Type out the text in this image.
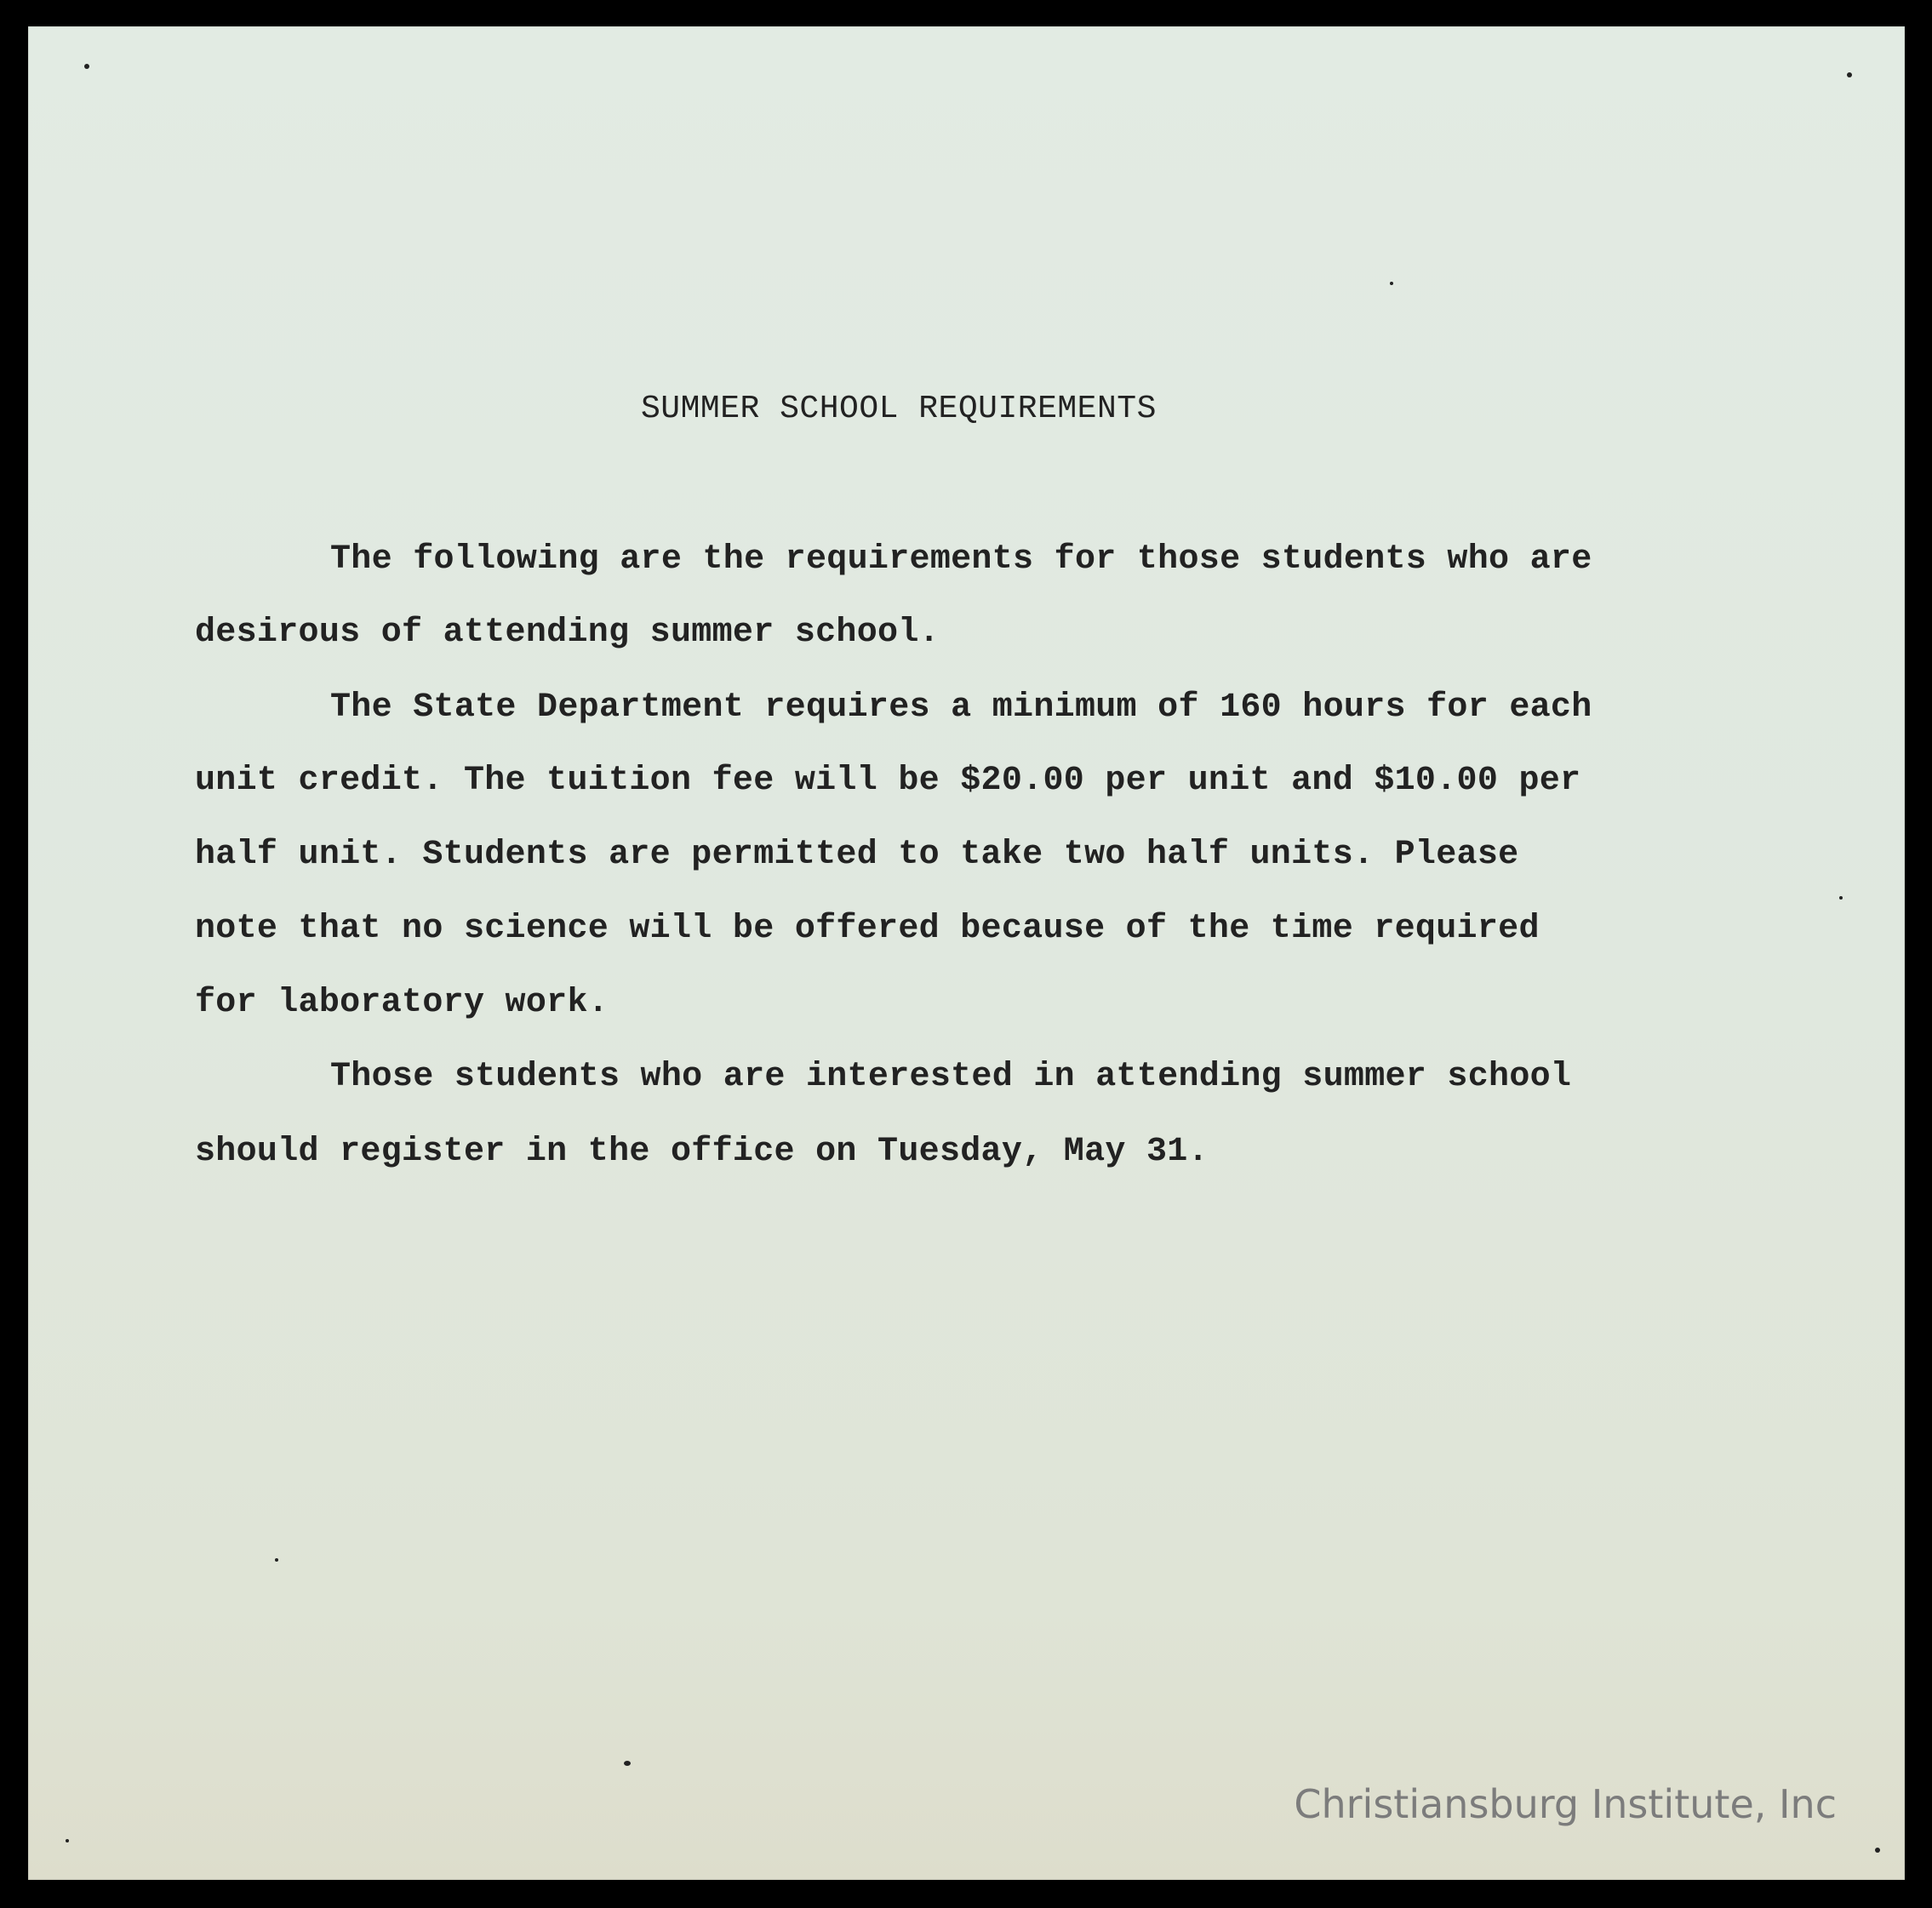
SUMMER SCHOOL REQUIREMENTS
The following are the requirements for those students who are
desirous of attending summer school.
The State Department requires a minimum of 160 hours for each
unit credit. The tuition fee will be $20.00 per unit and $10.00 per
half unit. Students are permitted to take two half units. Please
note that no science will be offered because of the time required
for laboratory work.
Those students who are interested in attending summer school
should register in the office on Tuesday, May 31.
Christiansburg Institute, Inc
